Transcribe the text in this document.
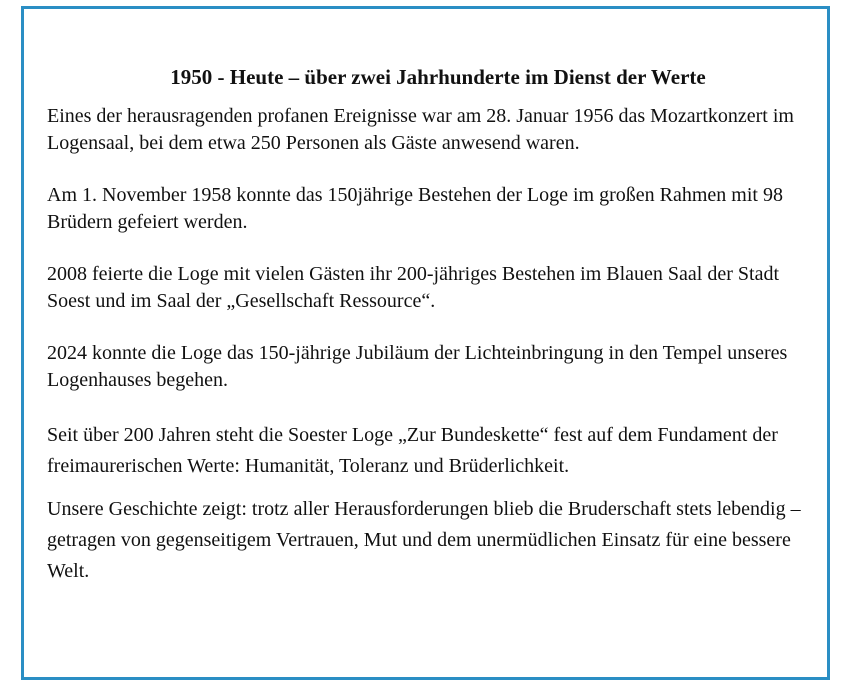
1950 - Heute – über zwei Jahrhunderte im Dienst der Werte

Eines der herausragenden profanen Ereignisse war am 28. Januar 1956 das Mozartkonzert im Logensaal, bei dem etwa 250 Personen als Gäste anwesend waren.

Am 1. November 1958 konnte das 150jährige Bestehen der Loge im großen Rahmen mit 98 Brüdern gefeiert werden.

2008 feierte die Loge mit vielen Gästen ihr 200-jähriges Bestehen im Blauen Saal der Stadt Soest und im Saal der „Gesellschaft Ressource“.

2024 konnte die Loge das 150-jährige Jubiläum der Lichteinbringung in den Tempel unseres Logenhauses begehen.

Seit über 200 Jahren steht die Soester Loge „Zur Bundeskette“ fest auf dem Fundament der freimaurerischen Werte: Humanität, Toleranz und Brüderlichkeit.

Unsere Geschichte zeigt: trotz aller Herausforderungen blieb die Bruderschaft stets lebendig – getragen von gegenseitigem Vertrauen, Mut und dem unermüdlichen Einsatz für eine bessere Welt.
